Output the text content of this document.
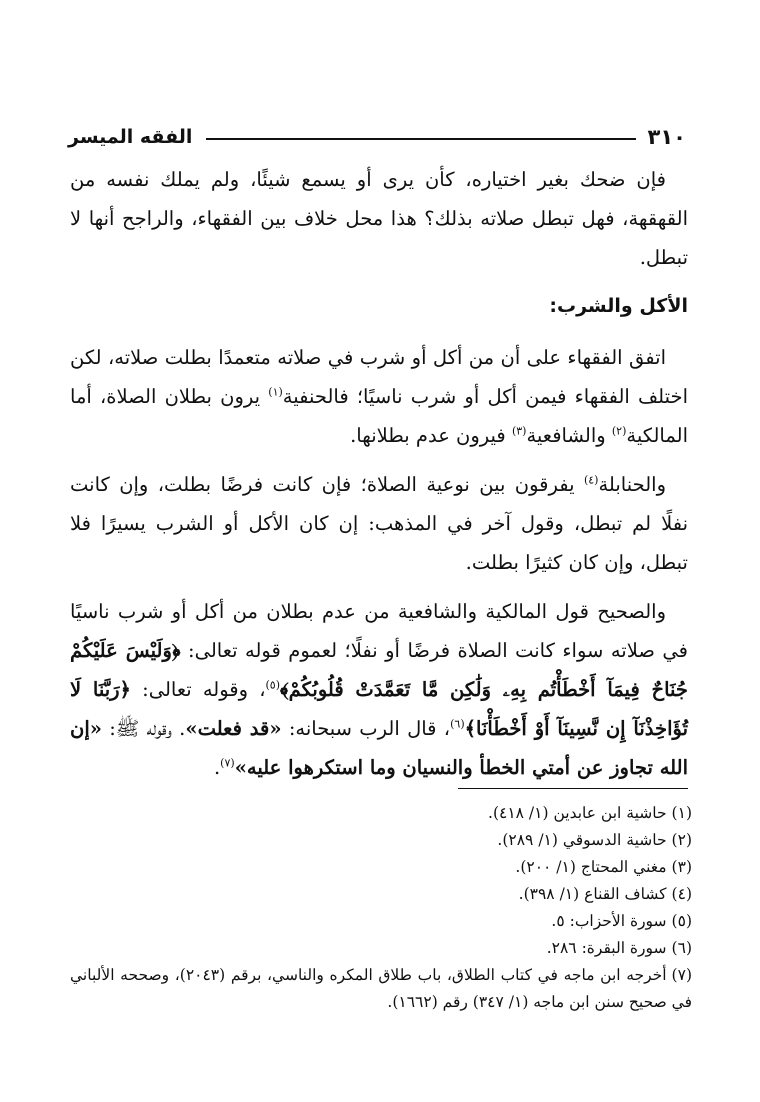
٣١٠
الفقه الميسر

فإن ضحك بغير اختياره، كأن يرى أو يسمع شيئًا، ولم يملك نفسه من القهقهة، فهل تبطل صلاته بذلك؟ هذا محل خلاف بين الفقهاء، والراجح أنها لا تبطل.

الأكل والشرب:

اتفق الفقهاء على أن من أكل أو شرب في صلاته متعمدًا بطلت صلاته، لكن اختلف الفقهاء فيمن أكل أو شرب ناسيًا؛ فالحنفية$^{(١)}$ يرون بطلان الصلاة، أما المالكية$^{(٢)}$ والشافعية$^{(٣)}$ فيرون عدم بطلانها.

والحنابلة$^{(٤)}$ يفرقون بين نوعية الصلاة؛ فإن كانت فرضًا بطلت، وإن كانت نفلًا لم تبطل، وقول آخر في المذهب: إن كان الأكل أو الشرب يسيرًا فلا تبطل، وإن كان كثيرًا بطلت.

والصحيح قول المالكية والشافعية من عدم بطلان من أكل أو شرب ناسيًا في صلاته سواء كانت الصلاة فرضًا أو نفلًا؛ لعموم قوله تعالى: ﴿وَلَيْسَ عَلَيْكُمْ جُنَاحٌ فِيمَآ أَخْطَأْتُم بِهِۦ وَلَٰكِن مَّا تَعَمَّدَتْ قُلُوبُكُمْ﴾$^{(٥)}$، وقوله تعالى: ﴿رَبَّنَا لَا تُؤَاخِذْنَآ إِن نَّسِينَآ أَوْ أَخْطَأْنَا﴾$^{(٦)}$، قال الرب سبحانه: «قد فعلت». وقوله ﷺ: «إن الله تجاوز عن أمتي الخطأ والنسيان وما استكرهوا عليه»$^{(٧)}$.

(١)حاشية ابن عابدين (١/ ٤١٨).
(٢)حاشية الدسوقي (١/ ٢٨٩).
(٣)مغني المحتاج (١/ ٢٠٠).
(٤)كشاف القناع (١/ ٣٩٨).
(٥)سورة الأحزاب: ٥.
(٦)سورة البقرة: ٢٨٦.
(٧)أخرجه ابن ماجه في كتاب الطلاق، باب طلاق المكره والناسي، برقم (٢٠٤٣)، وصححه الألباني في صحيح سنن ابن ماجه (١/ ٣٤٧) رقم (١٦٦٢).
